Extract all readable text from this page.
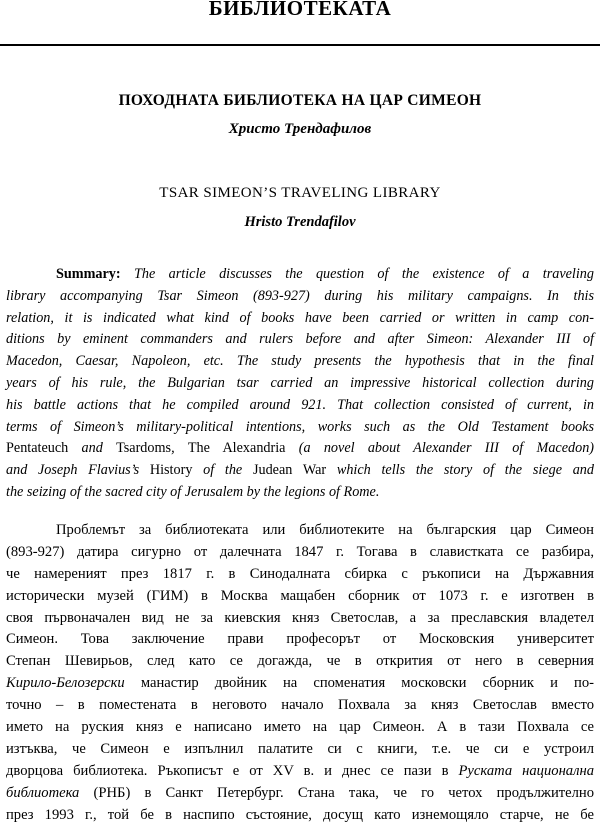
БИБЛИОТЕКАТА
ПОХОДНАТА БИБЛИОТЕКА НА ЦАР СИМЕОН
Христо Трендафилов
TSAR SIMEON’S TRAVELING LIBRARY
Hristo Trendafilov
Summary: The article discusses the question of the existence of a traveling
library accompanying Tsar Simeon (893-927) during his military campaigns. In this
relation, it is indicated what kind of books have been carried or written in camp con-
ditions by eminent commanders and rulers before and after Simeon: Alexander III of
Macedon, Caesar, Napoleon, etc. The study presents the hypothesis that in the final
years of his rule, the Bulgarian tsar carried an impressive historical collection during
his battle actions that he compiled around 921. That collection consisted of current, in
terms of Simeon’s military-political intentions, works such as the Old Testament books
Pentateuch and Tsardoms, The Alexandria (a novel about Alexander III of Macedon)
and Joseph Flavius’s History of the Judean War which tells the story of the siege and
the seizing of the sacred city of Jerusalem by the legions of Rome.
Проблемът за библиотеката или библиотеките на българския цар Симеон
(893-927) датира сигурно от далечната 1847 г. Тогава в славистката се разбира,
че намереният през 1817 г. в Синодалната сбирка с ръкописи на Държавния
исторически музей (ГИМ) в Москва мащабен сборник от 1073 г. е изготвен в
своя първоначален вид не за киевския княз Светослав, а за преславския владетел
Симеон. Това заключение прави професорът от Московския университет
Степан Шевирьов, след като се догажда, че в открития от него в северния
Кирило-Белозерски манастир двойник на споменатия московски сборник и по-
точно – в поместената в неговото начало Похвала за княз Светослав вместо
името на руския княз е написано името на цар Симеон. А в тази Похвала се
изтъква, че Симеон е изпълнил палатите си с книги, т.е. че си е устроил
дворцова библиотека. Ръкописът е от XV в. и днес се пази в Руската национална
библиотека (РНБ) в Санкт Петербург. Стана така, че го четох продължително
през 1993 г., той бе в наспипо състояние, досущ като изнемощяло старче, не бе
